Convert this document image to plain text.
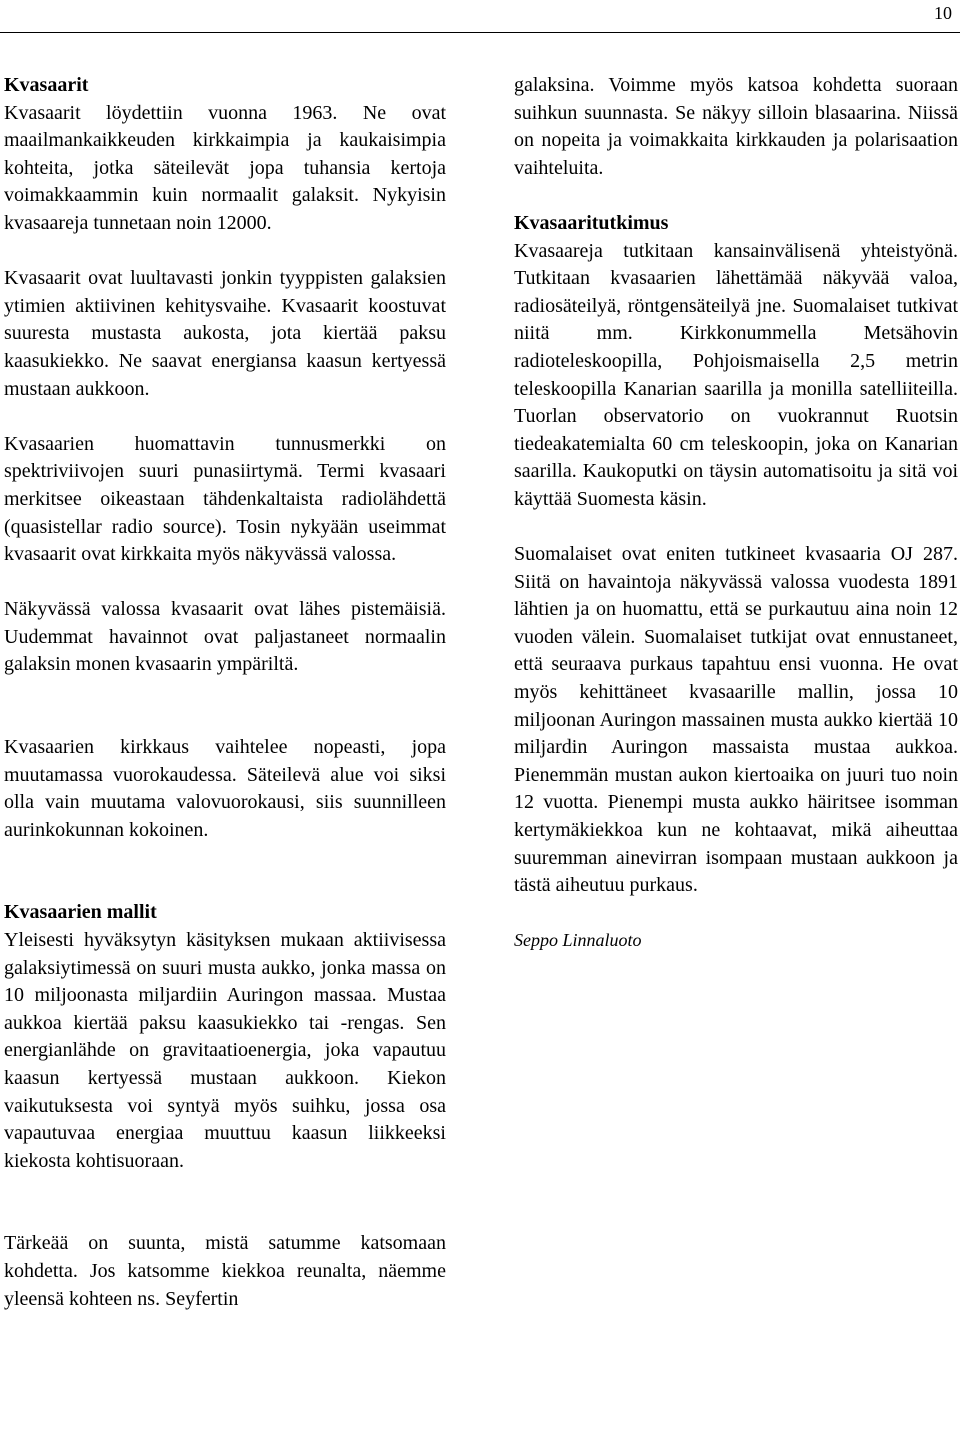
10

Kvasaarit
Kvasaarit löydettiin vuonna 1963. Ne ovat maailmankaikkeuden kirkkaimpia ja kaukaisimpia kohteita, jotka säteilevät jopa tuhansia kertoja voimakkaammin kuin normaalit galaksit. Nykyisin kvasaareja tunnetaan noin 12000.

Kvasaarit ovat luultavasti jonkin tyyppisten galaksien ytimien aktiivinen kehitysvaihe. Kvasaarit koostuvat suuresta mustasta aukosta, jota kiertää paksu kaasukiekko. Ne saavat energiansa kaasun kertyessä mustaan aukkoon.

Kvasaarien huomattavin tunnusmerkki on spektriviivojen suuri punasiirtymä. Termi kvasaari merkitsee oikeastaan tähdenkaltaista radiolähdettä (quasistellar radio source). Tosin nykyään useimmat kvasaarit ovat kirkkaita myös näkyvässä valossa.

Näkyvässä valossa kvasaarit ovat lähes pistemäisiä. Uudemmat havainnot ovat paljastaneet normaalin galaksin monen kvasaarin ympäriltä.

Kvasaarien kirkkaus vaihtelee nopeasti, jopa muutamassa vuorokaudessa. Säteilevä alue voi siksi olla vain muutama valovuorokausi, siis suunnilleen aurinkokunnan kokoinen.

Kvasaarien mallit
Yleisesti hyväksytyn käsityksen mukaan aktiivisessa galaksiytimessä on suuri musta aukko, jonka massa on 10 miljoonasta miljardiin Auringon massaa. Mustaa aukkoa kiertää paksu kaasukiekko tai -rengas. Sen energianlähde on gravitaatioenergia, joka vapautuu kaasun kertyessä mustaan aukkoon. Kiekon vaikutuksesta voi syntyä myös suihku, jossa osa vapautuvaa energiaa muuttuu kaasun liikkeeksi kiekosta kohtisuoraan.

Tärkeää on suunta, mistä satumme katsomaan kohdetta. Jos katsomme kiekkoa reunalta, näemme yleensä kohteen ns. Seyfertin

galaksina. Voimme myös katsoa kohdetta suoraan suihkun suunnasta. Se näkyy silloin blasaarina. Niissä on nopeita ja voimakkaita kirkkauden ja polarisaation vaihteluita.

Kvasaaritutkimus
Kvasaareja tutkitaan kansainvälisenä yhteistyönä. Tutkitaan kvasaarien lähettämää näkyvää valoa, radiosäteilyä, röntgensäteilyä jne. Suomalaiset tutkivat niitä mm. Kirkkonummella Metsähovin radioteleskoopilla, Pohjoismaisella 2,5 metrin teleskoopilla Kanarian saarilla ja monilla satelliiteilla. Tuorlan observatorio on vuokrannut Ruotsin tiedeakatemialta 60 cm teleskoopin, joka on Kanarian saarilla. Kaukoputki on täysin automatisoitu ja sitä voi käyttää Suomesta käsin.

Suomalaiset ovat eniten tutkineet kvasaaria OJ 287. Siitä on havaintoja näkyvässä valossa vuodesta 1891 lähtien ja on huomattu, että se purkautuu aina noin 12 vuoden välein. Suomalaiset tutkijat ovat ennustaneet, että seuraava purkaus tapahtuu ensi vuonna. He ovat myös kehittäneet kvasaarille mallin, jossa 10 miljoonan Auringon massainen musta aukko kiertää 10 miljardin Auringon massaista mustaa aukkoa. Pienemmän mustan aukon kiertoaika on juuri tuo noin 12 vuotta. Pienempi musta aukko häiritsee isomman kertymäkiekkoa kun ne kohtaavat, mikä aiheuttaa suuremman ainevirran isompaan mustaan aukkoon ja tästä aiheutuu purkaus.

Seppo Linnaluoto
